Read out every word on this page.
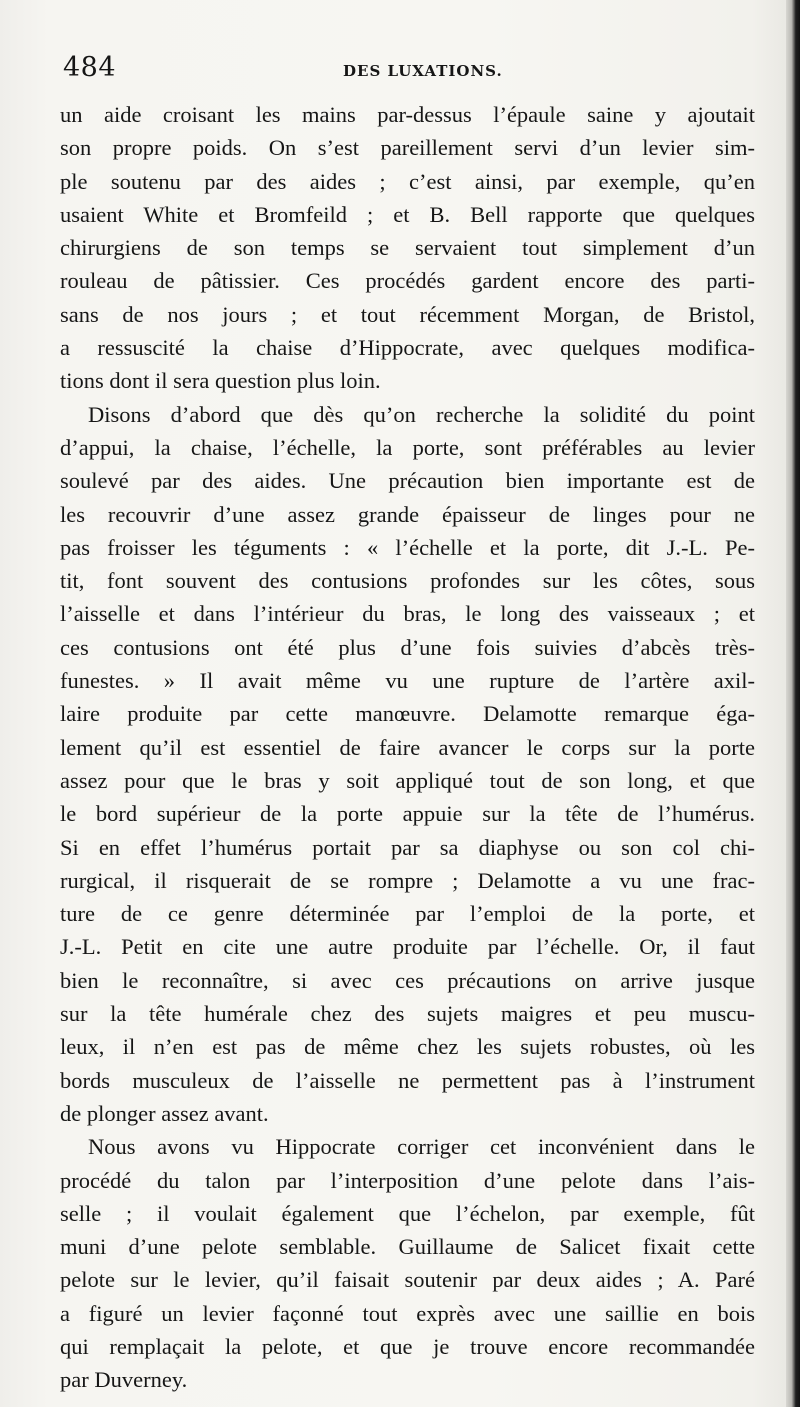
484	DES LUXATIONS.
un aide croisant les mains par-dessus l’épaule saine y ajoutait
son propre poids. On s’est pareillement servi d’un levier sim-
ple soutenu par des aides ; c’est ainsi, par exemple, qu’en
usaient White et Bromfeild ; et B. Bell rapporte que quelques
chirurgiens de son temps se servaient tout simplement d’un
rouleau de pâtissier. Ces procédés gardent encore des parti-
sans de nos jours ; et tout récemment Morgan, de Bristol,
a ressuscité la chaise d’Hippocrate, avec quelques modifica-
tions dont il sera question plus loin.
Disons d’abord que dès qu’on recherche la solidité du point
d’appui, la chaise, l’échelle, la porte, sont préférables au levier
soulevé par des aides. Une précaution bien importante est de
les recouvrir d’une assez grande épaisseur de linges pour ne
pas froisser les téguments : « l’échelle et la porte, dit J.-L. Pe-
tit, font souvent des contusions profondes sur les côtes, sous
l’aisselle et dans l’intérieur du bras, le long des vaisseaux ; et
ces contusions ont été plus d’une fois suivies d’abcès très-
funestes. » Il avait même vu une rupture de l’artère axil-
laire produite par cette manœuvre. Delamotte remarque éga-
lement qu’il est essentiel de faire avancer le corps sur la porte
assez pour que le bras y soit appliqué tout de son long, et que
le bord supérieur de la porte appuie sur la tête de l’humérus.
Si en effet l’humérus portait par sa diaphyse ou son col chi-
rurgical, il risquerait de se rompre ; Delamotte a vu une frac-
ture de ce genre déterminée par l’emploi de la porte, et
J.-L. Petit en cite une autre produite par l’échelle. Or, il faut
bien le reconnaître, si avec ces précautions on arrive jusque
sur la tête humérale chez des sujets maigres et peu muscu-
leux, il n’en est pas de même chez les sujets robustes, où les
bords musculeux de l’aisselle ne permettent pas à l’instrument
de plonger assez avant.
Nous avons vu Hippocrate corriger cet inconvénient dans le
procédé du talon par l’interposition d’une pelote dans l’ais-
selle ; il voulait également que l’échelon, par exemple, fût
muni d’une pelote semblable. Guillaume de Salicet fixait cette
pelote sur le levier, qu’il faisait soutenir par deux aides ; A. Paré
a figuré un levier façonné tout exprès avec une saillie en bois
qui remplaçait la pelote, et que je trouve encore recommandée
par Duverney.
